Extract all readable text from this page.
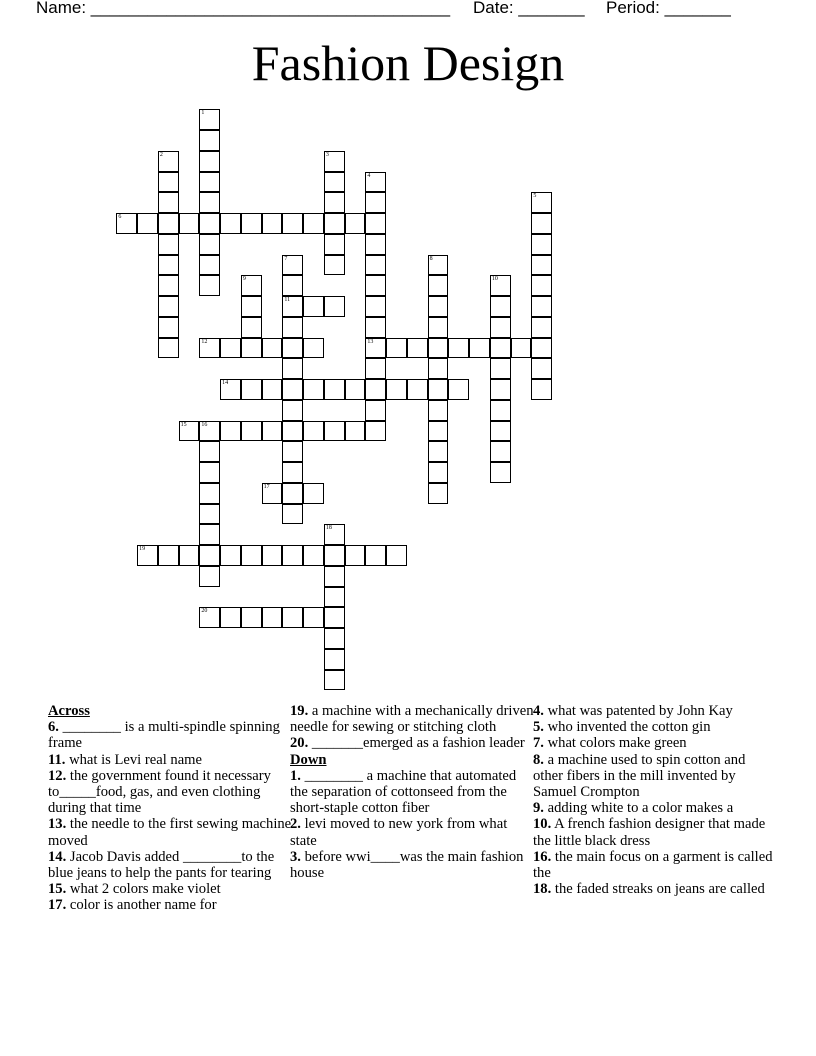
Name: ______________________________________ Date: _______ Period: _______
Fashion Design
1
2	3
4
13
5
6
7
11
8
9	10
12
14
15 16
17
18
19
20
Across
6. ________ is a multi-spindle spinning frame
11. what is Levi real name
12. the government found it necessary to_____food, gas, and even clothing during that time
13. the needle to the first sewing machine moved
14. Jacob Davis added ________to the blue jeans to help the pants for tearing
15. what 2 colors make violet
17. color is another name for
19. a machine with a mechanically driven needle for sewing or stitching cloth
20. _______emerged as a fashion leader
Down
1. ________ a machine that automated the separation of cottonseed from the short-staple cotton fiber
2. levi moved to new york from what state
3. before wwi____was the main fashion house
4. what was patented by John Kay
5. who invented the cotton gin
7. what colors make green
8. a machine used to spin cotton and other fibers in the mill invented by Samuel Crompton
9. adding white to a color makes a
10. A french fashion designer that made the little black dress
16. the main focus on a garment is called the
18. the faded streaks on jeans are called
